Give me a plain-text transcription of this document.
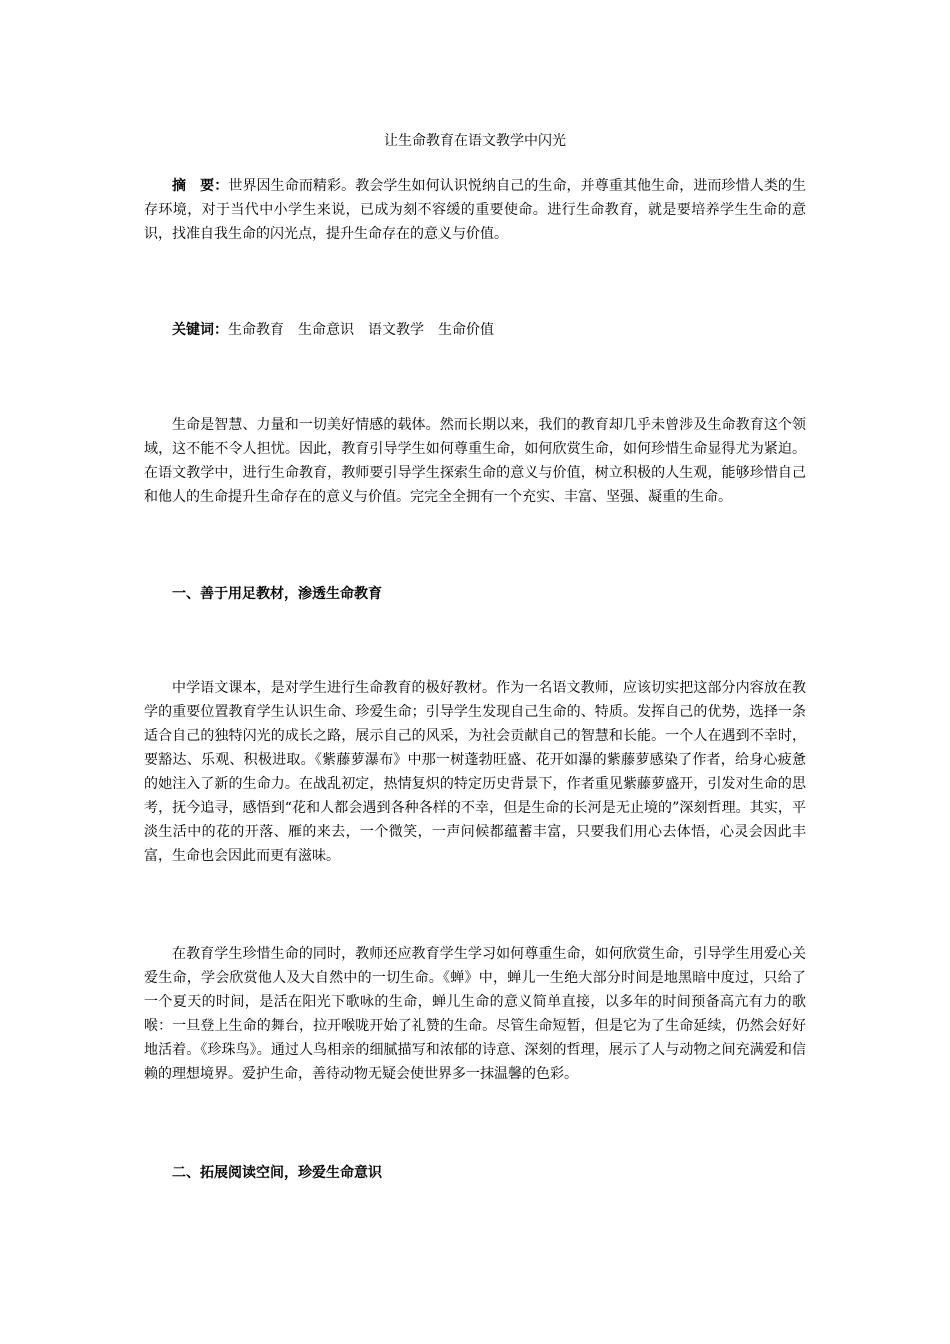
让生命教育在语文教学中闪光

摘　要：世界因生命而精彩。教会学生如何认识悦纳自己的生命，并尊重其他生命，进而珍惜人类的生存环境，对于当代中小学生来说，已成为刻不容缓的重要使命。进行生命教育，就是要培养学生生命的意识，找准自我生命的闪光点，提升生命存在的意义与价值。

关键词：生命教育 生命意识 语文教学 生命价值

生命是智慧、力量和一切美好情感的载体。然而长期以来，我们的教育却几乎未曾涉及生命教育这个领域，这不能不令人担忧。因此，教育引导学生如何尊重生命，如何欣赏生命，如何珍惜生命显得尤为紧迫。在语文教学中，进行生命教育，教师要引导学生探索生命的意义与价值，树立积极的人生观，能够珍惜自己和他人的生命提升生命存在的意义与价值。完完全全拥有一个充实、丰富、坚强、凝重的生命。

一、善于用足教材，渗透生命教育

中学语文课本，是对学生进行生命教育的极好教材。作为一名语文教师，应该切实把这部分内容放在教学的重要位置教育学生认识生命、珍爱生命；引导学生发现自己生命的、特质。发挥自己的优势，选择一条适合自己的独特闪光的成长之路，展示自己的风采，为社会贡献自己的智慧和长能。一个人在遇到不幸时，要豁达、乐观、积极进取。《紫藤萝瀑布》中那一树蓬勃旺盛、花开如瀑的紫藤萝感染了作者，给身心疲惫的她注入了新的生命力。在战乱初定，热情复炽的特定历史背景下，作者重见紫藤萝盛开，引发对生命的思考，抚今追寻，感悟到“花和人都会遇到各种各样的不幸，但是生命的长河是无止境的”深刻哲理。其实，平淡生活中的花的开落、雁的来去，一个微笑，一声问候都蕴蓄丰富，只要我们用心去体悟，心灵会因此丰富，生命也会因此而更有滋味。

在教育学生珍惜生命的同时，教师还应教育学生学习如何尊重生命，如何欣赏生命，引导学生用爱心关爱生命，学会欣赏他人及大自然中的一切生命。《蝉》中，蝉儿一生绝大部分时间是地黑暗中度过，只给了一个夏天的时间，是活在阳光下歌咏的生命，蝉儿生命的意义简单直接，以多年的时间预备高亢有力的歌喉：一旦登上生命的舞台，拉开喉咙开始了礼赞的生命。尽管生命短暂，但是它为了生命延续，仍然会好好地活着。《珍珠鸟》。通过人鸟相亲的细腻描写和浓郁的诗意、深刻的哲理，展示了人与动物之间充满爱和信赖的理想境界。爱护生命，善待动物无疑会使世界多一抹温馨的色彩。

二、拓展阅读空间，珍爱生命意识
